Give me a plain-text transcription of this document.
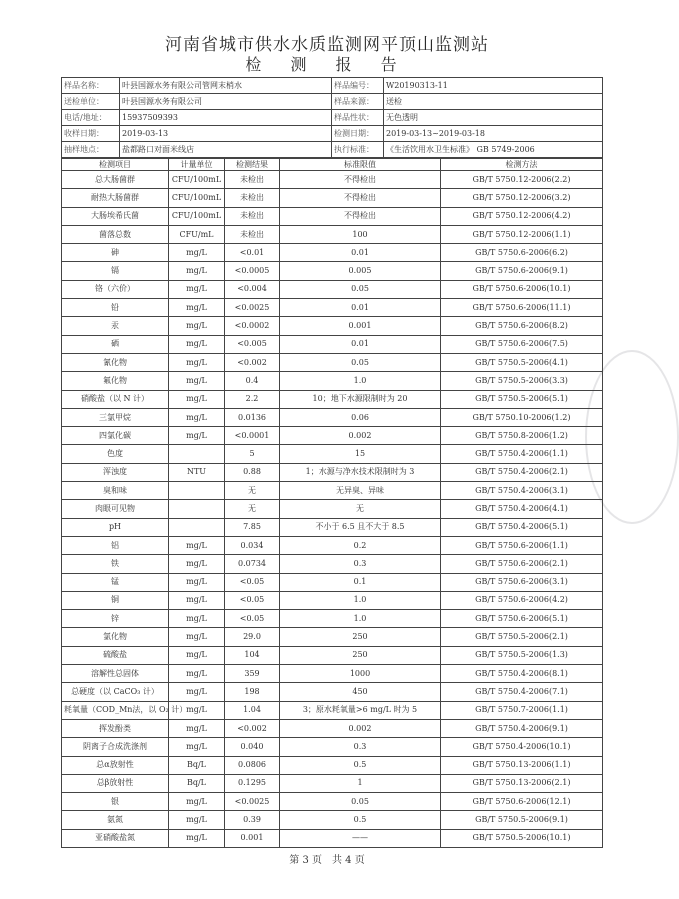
河南省城市供水水质监测网平顶山监测站
检 测 报 告
样品名称：	叶县国源水务有限公司管网末梢水	样品编号：	W20190313-11
送检单位：	叶县国源水务有限公司	样品来源：	送检
电话/地址：	15937509393	样品性状：	无色透明
收样日期：	2019-03-13	检测日期：	2019-03-13~2019-03-18
抽样地点：	盐都路口对面米线店	执行标准：	《生活饮用水卫生标准》 GB 5749-2006
检测项目	计量单位	检测结果	标准限值	检测方法
总大肠菌群	CFU/100mL	未检出	不得检出	GB/T 5750.12-2006(2.2)
耐热大肠菌群	CFU/100mL	未检出	不得检出	GB/T 5750.12-2006(3.2)
大肠埃希氏菌	CFU/100mL	未检出	不得检出	GB/T 5750.12-2006(4.2)
菌落总数	CFU/mL	未检出	100	GB/T 5750.12-2006(1.1)
砷	mg/L	<0.01	0.01	GB/T 5750.6-2006(6.2)
镉	mg/L	<0.0005	0.005	GB/T 5750.6-2006(9.1)
铬（六价）	mg/L	<0.004	0.05	GB/T 5750.6-2006(10.1)
铅	mg/L	<0.0025	0.01	GB/T 5750.6-2006(11.1)
汞	mg/L	<0.0002	0.001	GB/T 5750.6-2006(8.2)
硒	mg/L	<0.005	0.01	GB/T 5750.6-2006(7.5)
氰化物	mg/L	<0.002	0.05	GB/T 5750.5-2006(4.1)
氟化物	mg/L	0.4	1.0	GB/T 5750.5-2006(3.3)
硝酸盐（以 N 计）	mg/L	2.2	10；地下水源限制时为 20	GB/T 5750.5-2006(5.1)
三氯甲烷	mg/L	0.0136	0.06	GB/T 5750.10-2006(1.2)
四氯化碳	mg/L	<0.0001	0.002	GB/T 5750.8-2006(1.2)
色度		5	15	GB/T 5750.4-2006(1.1)
浑浊度	NTU	0.88	1；水源与净水技术限制时为 3	GB/T 5750.4-2006(2.1)
臭和味		无	无异臭、异味	GB/T 5750.4-2006(3.1)
肉眼可见物		无	无	GB/T 5750.4-2006(4.1)
pH		7.85	不小于 6.5 且不大于 8.5	GB/T 5750.4-2006(5.1)
铝	mg/L	0.034	0.2	GB/T 5750.6-2006(1.1)
铁	mg/L	0.0734	0.3	GB/T 5750.6-2006(2.1)
锰	mg/L	<0.05	0.1	GB/T 5750.6-2006(3.1)
铜	mg/L	<0.05	1.0	GB/T 5750.6-2006(4.2)
锌	mg/L	<0.05	1.0	GB/T 5750.6-2006(5.1)
氯化物	mg/L	29.0	250	GB/T 5750.5-2006(2.1)
硫酸盐	mg/L	104	250	GB/T 5750.5-2006(1.3)
溶解性总固体	mg/L	359	1000	GB/T 5750.4-2006(8.1)
总硬度（以 CaCO₃ 计）	mg/L	198	450	GB/T 5750.4-2006(7.1)
耗氧量（COD_Mn法，以 O₂ 计）	mg/L	1.04	3；原水耗氧量>6 mg/L 时为 5	GB/T 5750.7-2006(1.1)
挥发酚类	mg/L	<0.002	0.002	GB/T 5750.4-2006(9.1)
阴离子合成洗涤剂	mg/L	0.040	0.3	GB/T 5750.4-2006(10.1)
总α放射性	Bq/L	0.0806	0.5	GB/T 5750.13-2006(1.1)
总β放射性	Bq/L	0.1295	1	GB/T 5750.13-2006(2.1)
银	mg/L	<0.0025	0.05	GB/T 5750.6-2006(12.1)
氨氮	mg/L	0.39	0.5	GB/T 5750.5-2006(9.1)
亚硝酸盐氮	mg/L	0.001	——	GB/T 5750.5-2006(10.1)
第 3 页　共 4 页
